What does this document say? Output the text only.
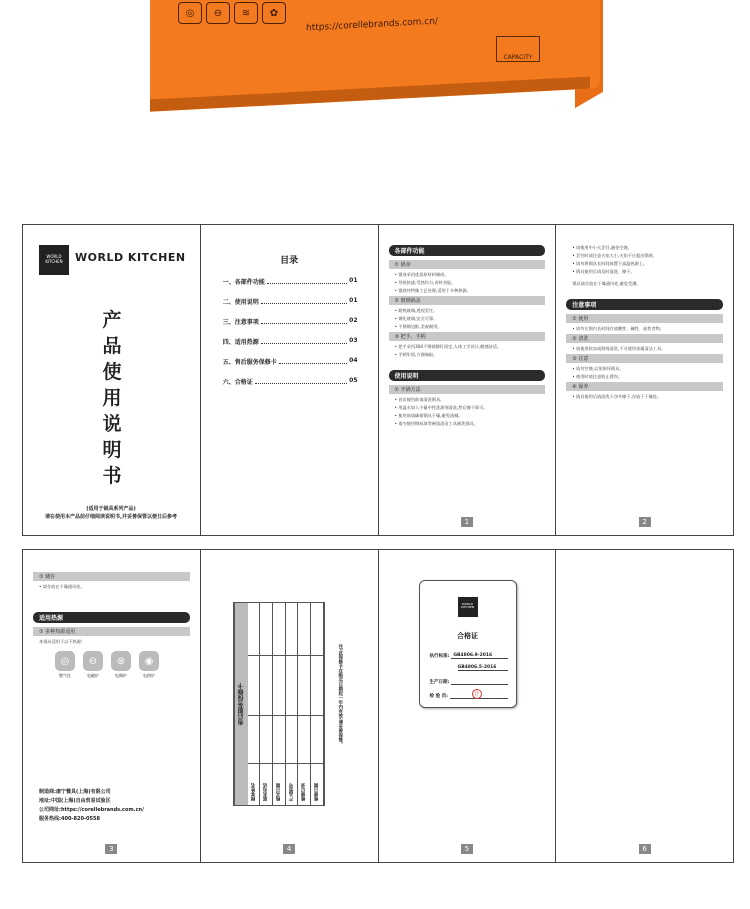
◎	⊖	≋	✿
https://corellebrands.com.cn/
CAPACITY
WORLD KITCHEN	WORLD KITCHEN
产品使用说明书
(适用于锅具系列产品)
请在使用本产品前仔细阅读说明书,并妥善保管以便日后参考
目录
一、各部件功能	01
二、使用说明	01
三、注意事项	02
四、适用热源	03
五、售后服务保修卡	04
六、合格证	05
各部件功能
① 锅身
• 锅身采用优质原材料制成。
• 导热快速,受热均匀,省时省能。
• 锅底经特殊工艺处理,适用于多种热源。
② 玻璃锅盖
• 耐热玻璃,透视烹饪。
• 钢化玻璃,安全可靠。
• 不锈钢边框,美观耐用。
③ 把手、手柄
• 把手采用304不锈钢铆钉固定,人体工学设计,握感舒适。
• 手柄牢固,方便端取。
使用说明
① 开锅方法
• 首次使用前请清洗锅具。
• 用温水加入少量中性洗涤剂清洗,然后擦干即可。
• 使用前请确保锅具干燥,避免油溅。
• 请勿使用钢丝球等硬质清洁工具刷洗锅具。
1
• 请使用中小火烹饪,避免空烧。
• 烹饪时请注意火焰大小,火焰不应超出锅底。
• 请勿将锅具长时间放置于高温热源上。
• 锅具使用后请及时清洗、擦干。
锅具请存放在干燥通风处,避免受潮。
注意事项
① 使用
• 请勿在锅内长时间存放酸性、碱性、咸性食物。
② 清洗
• 请使用软布或海绵清洗,不可使用金属清洁工具。
③ 注意
• 请勿空烧,以免损坏锅具。
• 使用时请注意防止烫伤。
④ 保养
• 锅具使用后请清洗干净并擦干,存放于干燥处。
2
① 储存
• 请存放在干燥通风处。
适用热源
① 多种热源适用
本锅具适用于以下热源:
◎	⊖	⊛	◉
燃气灶	电磁炉	电陶炉	电热炉
制造商:康宁餐具(上海)有限公司
地址:中国(上海)自由贸易试验区
公司网址:https://corellebrands.com.cn/
服务热线:400-820-0558
3
售后服务保修卡
顾客姓名 联系电话 购买日期 产品型号 维修记录 维修日期
注:此保修卡在购买日期起一年内有效,请妥善保管。
4
WORLD KITCHEN
合格证
执行标准: GB4806.9-2016
GB4806.5-2016
生产日期:
检 验 员:	合
5	6
